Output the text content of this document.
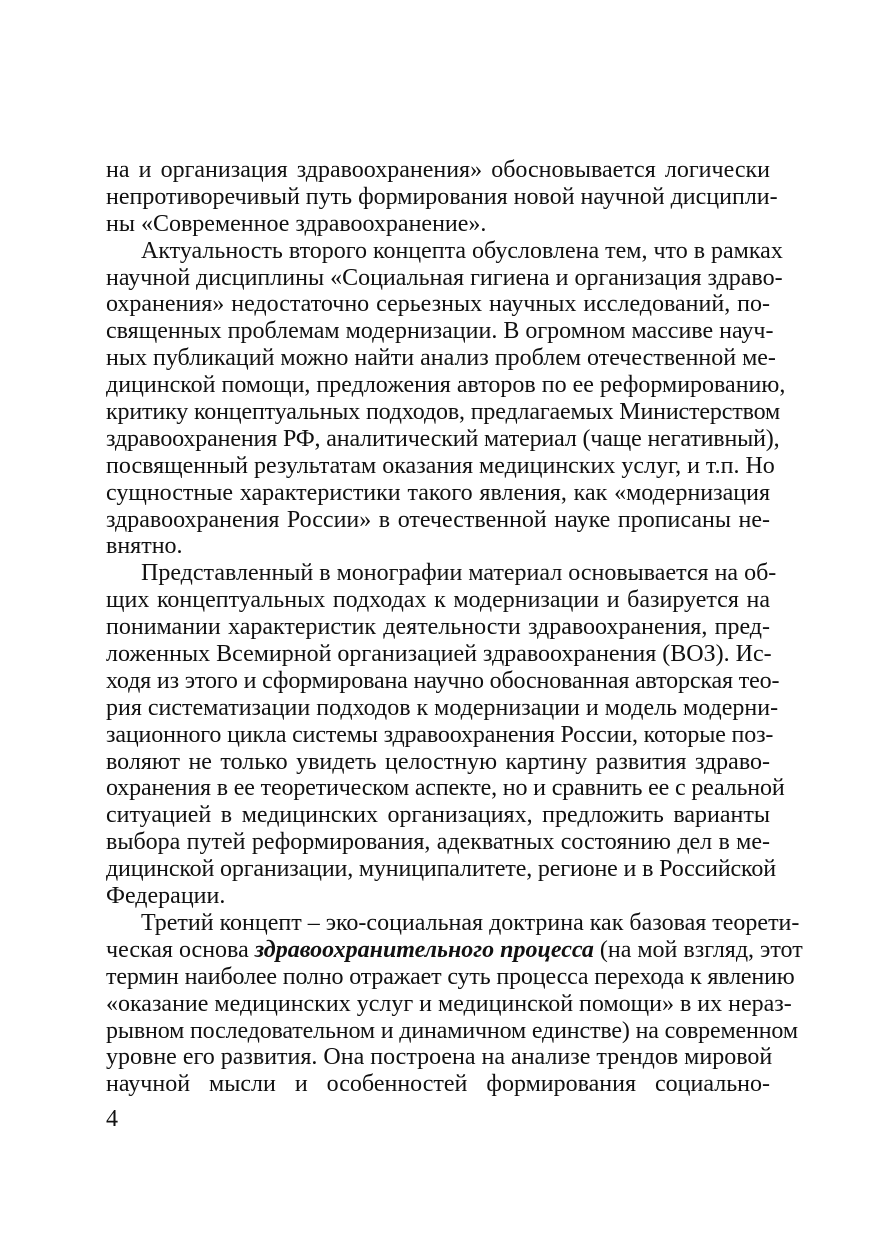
на и организация здравоохранения» обосновывается логически
непротиворечивый путь формирования новой научной дисципли-
ны «Современное здравоохранение».
Актуальность второго концепта обусловлена тем, что в рамках
научной дисциплины «Социальная гигиена и организация здраво-
охранения» недостаточно серьезных научных исследований, по-
священных проблемам модернизации. В огромном массиве науч-
ных публикаций можно найти анализ проблем отечественной ме-
дицинской помощи, предложения авторов по ее реформированию,
критику концептуальных подходов, предлагаемых Министерством
здравоохранения РФ, аналитический материал (чаще негативный),
посвященный результатам оказания медицинских услуг, и т.п. Но
сущностные характеристики такого явления, как «модернизация
здравоохранения России» в отечественной науке прописаны не-
внятно.
Представленный в монографии материал основывается на об-
щих концептуальных подходах к модернизации и базируется на
понимании характеристик деятельности здравоохранения, пред-
ложенных Всемирной организацией здравоохранения (ВОЗ). Ис-
ходя из этого и сформирована научно обоснованная авторская тео-
рия систематизации подходов к модернизации и модель модерни-
зационного цикла системы здравоохранения России, которые поз-
воляют не только увидеть целостную картину развития здраво-
охранения в ее теоретическом аспекте, но и сравнить ее с реальной
ситуацией в медицинских организациях, предложить варианты
выбора путей реформирования, адекватных состоянию дел в ме-
дицинской организации, муниципалитете, регионе и в Российской
Федерации.
Третий концепт – эко-социальная доктрина как базовая теорети-
ческая основа здравоохранительного процесса (на мой взгляд, этот
термин наиболее полно отражает суть процесса перехода к явлению
«оказание медицинских услуг и медицинской помощи» в их нераз-
рывном последовательном и динамичном единстве) на современном
уровне его развития. Она построена на анализе трендов мировой
научной мысли и особенностей формирования социально-
4
